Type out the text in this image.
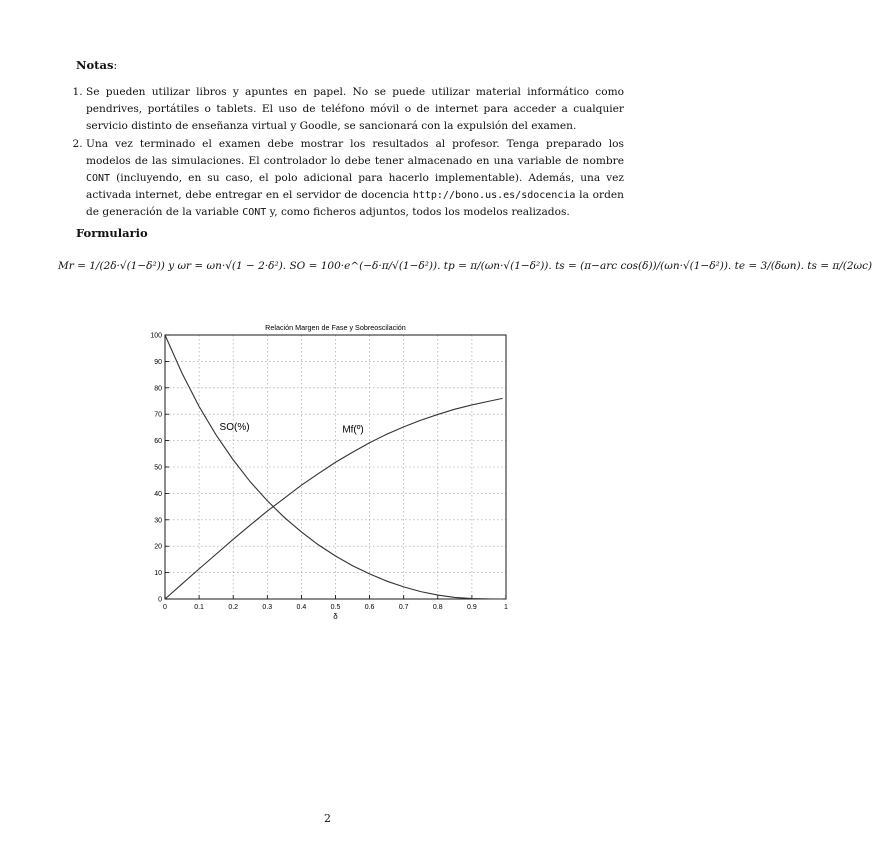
Notas:
1. Se pueden utilizar libros y apuntes en papel. No se puede utilizar material informático como pendrives, portátiles o tablets. El uso de teléfono móvil o de internet para acceder a cualquier servicio distinto de enseñanza virtual y Goodle, se sancionará con la expulsión del examen.
2. Una vez terminado el examen debe mostrar los resultados al profesor. Tenga preparado los modelos de las simulaciones. El controlador lo debe tener almacenado en una variable de nombre CONT (incluyendo, en su caso, el polo adicional para hacerlo implementable). Además, una vez activada internet, debe entregar en el servidor de docencia http://bono.us.es/sdocencia la orden de generación de la variable CONT y, como ficheros adjuntos, todos los modelos realizados.
Formulario
Mr = 1/(2δ·√(1−δ²)) y ωr = ωn·√(1 − 2·δ²). SO = 100·e^(−δ·π/√(1−δ²)). tp = π/(ωn·√(1−δ²)). ts = (π−arc cos(δ))/(ωn·√(1−δ²)). te = 3/(δωn). ts = π/(2ωc)
0	0.1	0.2	0.3	0.4	0.5	0.6	0.7	0.8	0.9	1
0
10
20
30
40
50
60
70
80
90
100
SO(%)	Mf(º)
Relación Margen de Fase y Sobreoscilación
δ
2
